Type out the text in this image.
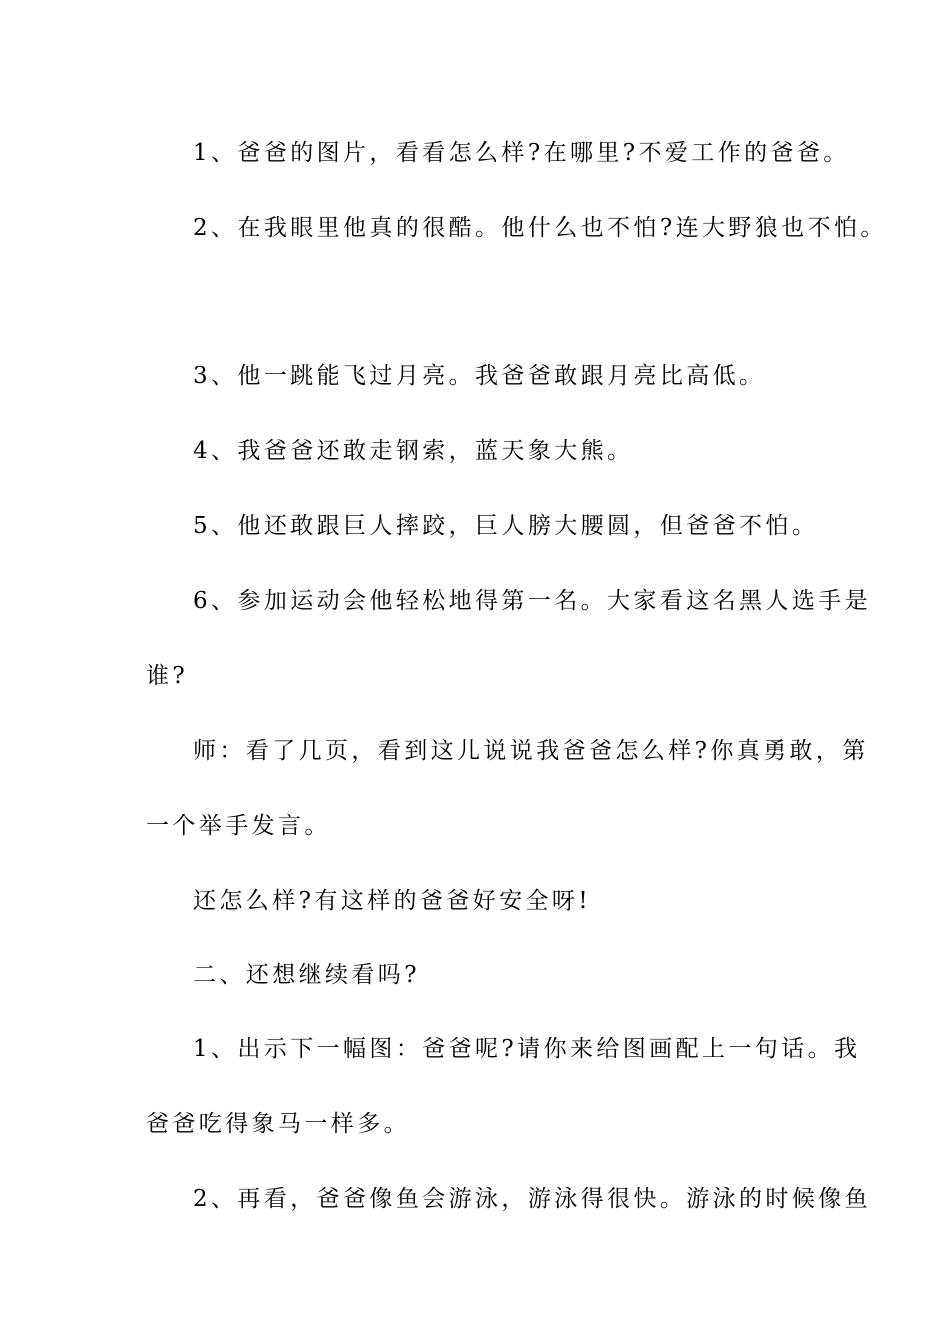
1、爸爸的图片，看看怎么样?在哪里?不爱工作的爸爸。
2、在我眼里他真的很酷。他什么也不怕?连大野狼也不怕。
3、他一跳能飞过月亮。我爸爸敢跟月亮比高低。
4、我爸爸还敢走钢索，蓝天象大熊。
5、他还敢跟巨人摔跤，巨人膀大腰圆，但爸爸不怕。
6、参加运动会他轻松地得第一名。大家看这名黑人选手是
谁?
师：看了几页，看到这儿说说我爸爸怎么样?你真勇敢，第
一个举手发言。
还怎么样?有这样的爸爸好安全呀!
二、还想继续看吗?
1、出示下一幅图：爸爸呢?请你来给图画配上一句话。我
爸爸吃得象马一样多。
2、再看，爸爸像鱼会游泳，游泳得很快。游泳的时候像鱼
